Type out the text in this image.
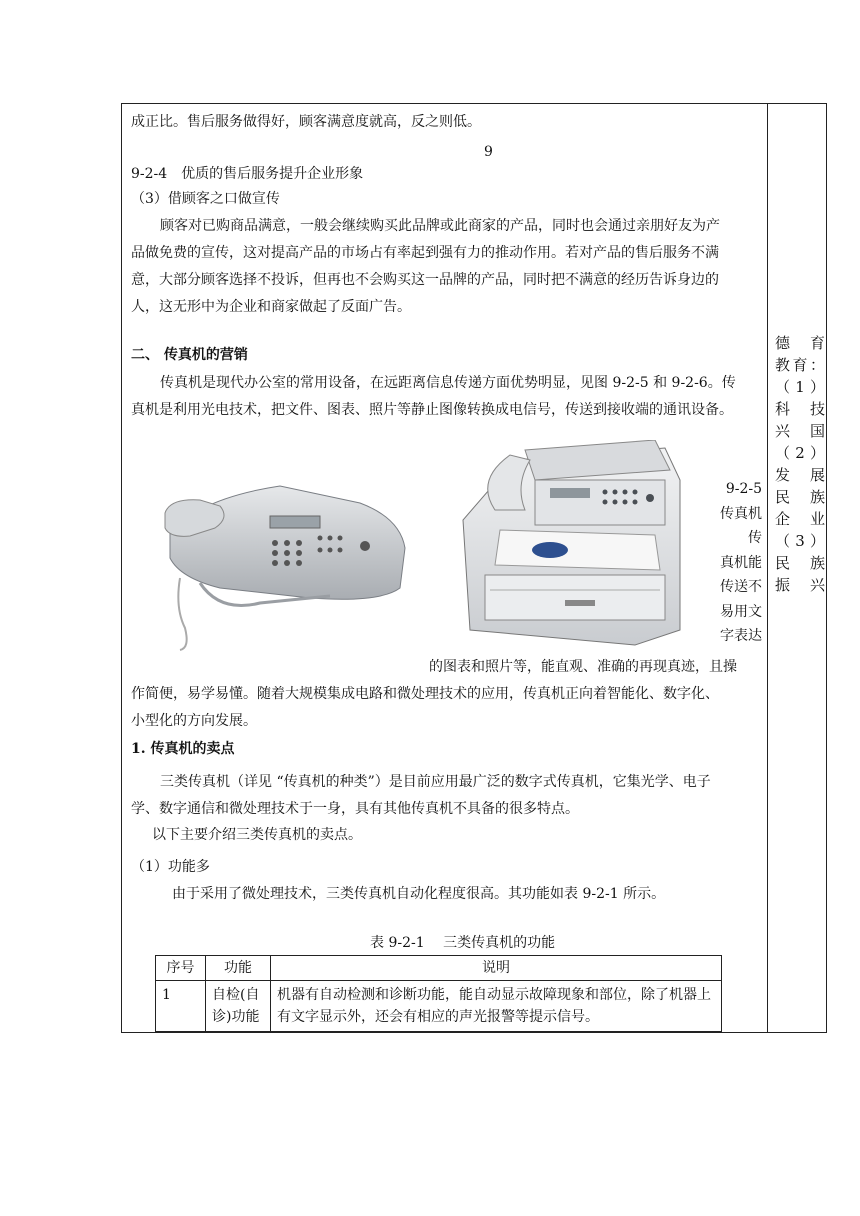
成正比。售后服务做得好，顾客满意度就高，反之则低。
9
9-2-4　优质的售后服务提升企业形象
（3）借顾客之口做宣传
顾客对已购商品满意，一般会继续购买此品牌或此商家的产品，同时也会通过亲朋好友为产
品做免费的宣传，这对提高产品的市场占有率起到强有力的推动作用。若对产品的售后服务不满
意，大部分顾客选择不投诉，但再也不会购买这一品牌的产品，同时把不满意的经历告诉身边的
人，这无形中为企业和商家做起了反面广告。
二、 传真机的营销
传真机是现代办公室的常用设备，在远距离信息传递方面优势明显，见图 9-2-5 和 9-2-6。传
真机是利用光电技术，把文件、图表、照片等静止图像转换成电信号，传送到接收端的通讯设备。
9-2-5
传真机
传
真机能
传送不
易用文
字表达
的图表和照片等，能直观、准确的再现真迹，且操
作简便，易学易懂。随着大规模集成电路和微处理技术的应用，传真机正向着智能化、数字化、
小型化的方向发展。
1. 传真机的卖点
三类传真机（详见 “传真机的种类”）是目前应用最广泛的数字式传真机，它集光学、电子
学、数字通信和微处理技术于一身，具有其他传真机不具备的很多特点。
以下主要介绍三类传真机的卖点。
（1）功能多
由于采用了微处理技术，三类传真机自动化程度很高。其功能如表 9-2-1 所示。
表 9-2-1　 三类传真机的功能
序号	功能	说明
1	自检(自诊)功能	机器有自动检测和诊断功能，能自动显示故障现象和部位，除了机器上有文字显示外，还会有相应的声光报警等提示信号。
德　育
教育：
（1）
科　技
兴国
（2）
发　展
民　族
企业
（3）
民　族
振兴
